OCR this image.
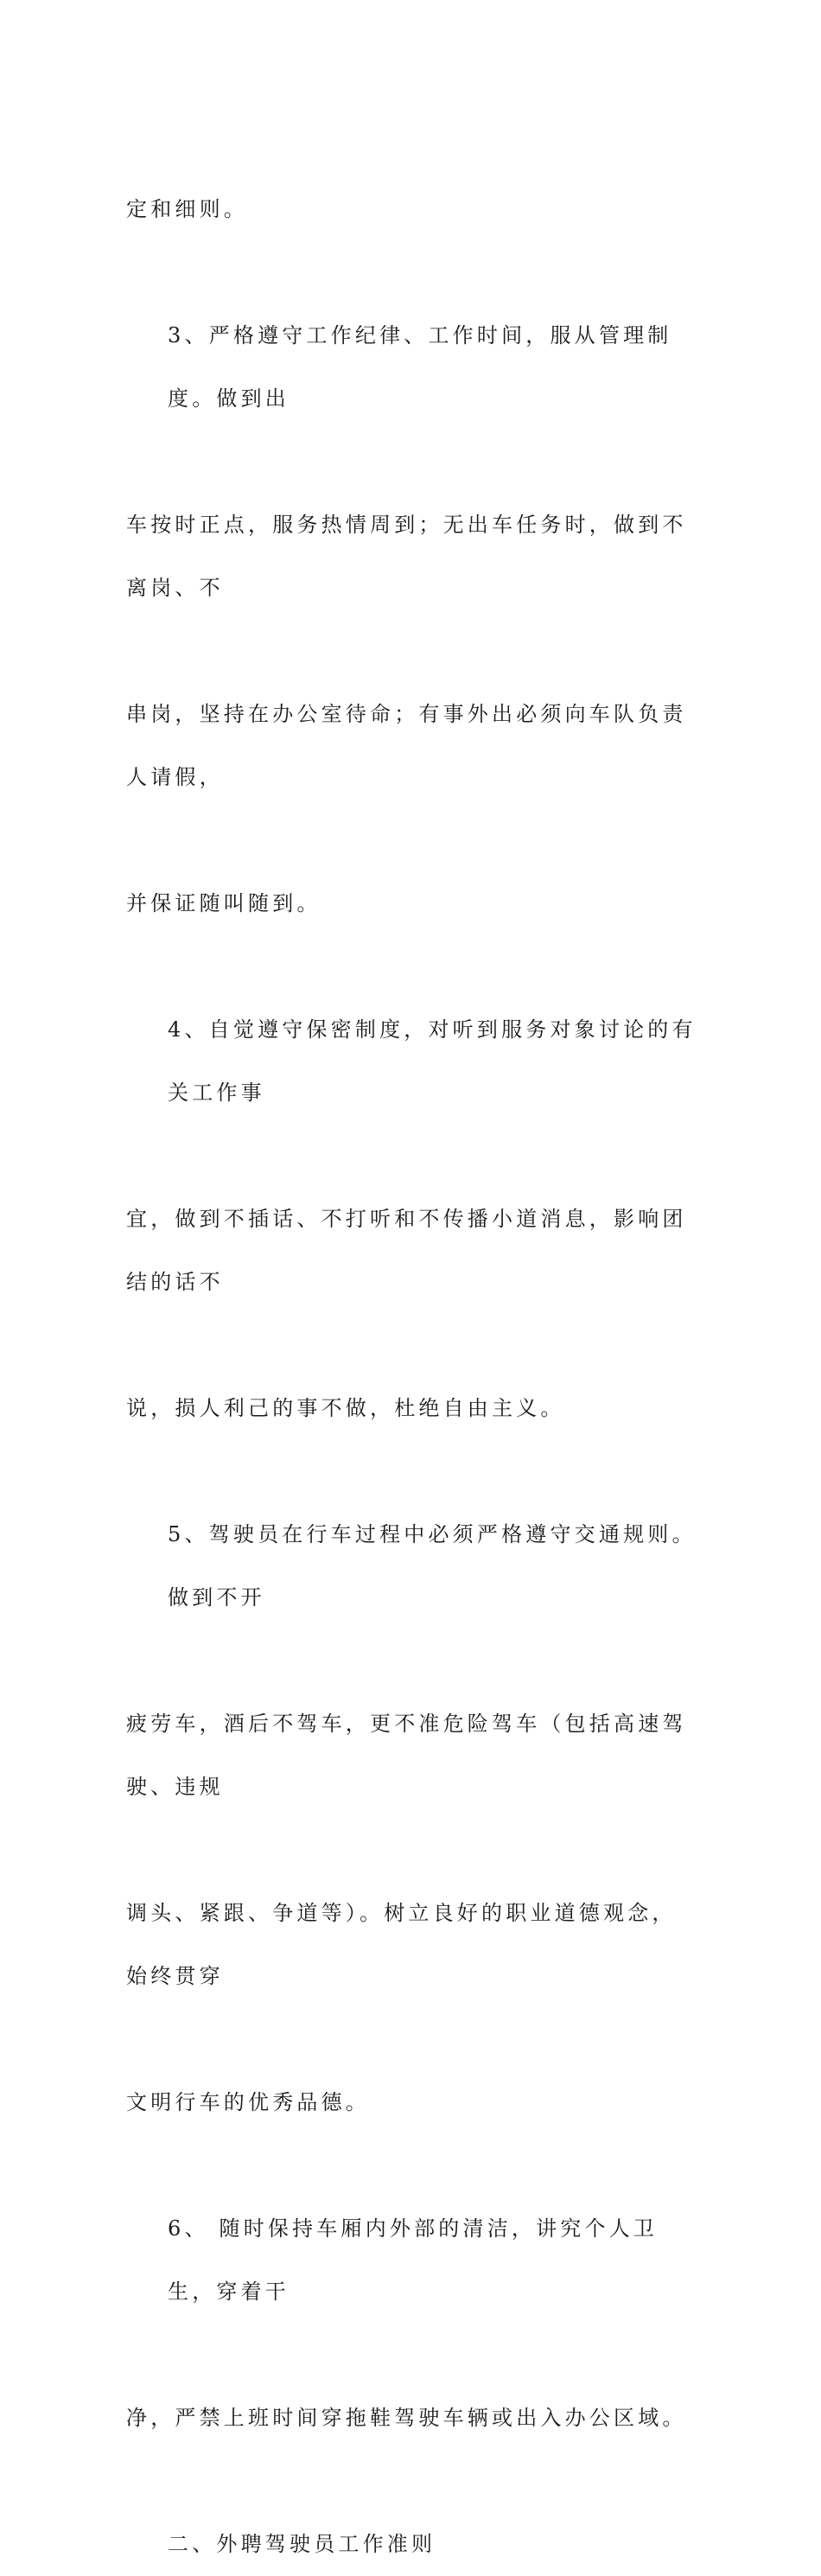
定和细则。

3、严格遵守工作纪律、工作时间，服从管理制度。做到出

车按时正点，服务热情周到；无出车任务时，做到不离岗、不

串岗，坚持在办公室待命；有事外出必须向车队负责人请假，

并保证随叫随到。

4、自觉遵守保密制度，对听到服务对象讨论的有关工作事

宜，做到不插话、不打听和不传播小道消息，影响团结的话不

说，损人利己的事不做，杜绝自由主义。

5、驾驶员在行车过程中必须严格遵守交通规则。做到不开

疲劳车，酒后不驾车，更不准危险驾车（包括高速驾驶、违规

调头、紧跟、争道等）。树立良好的职业道德观念，始终贯穿

文明行车的优秀品德。

6、 随时保持车厢内外部的清洁，讲究个人卫生，穿着干

净，严禁上班时间穿拖鞋驾驶车辆或出入办公区域。

二、外聘驾驶员工作准则
